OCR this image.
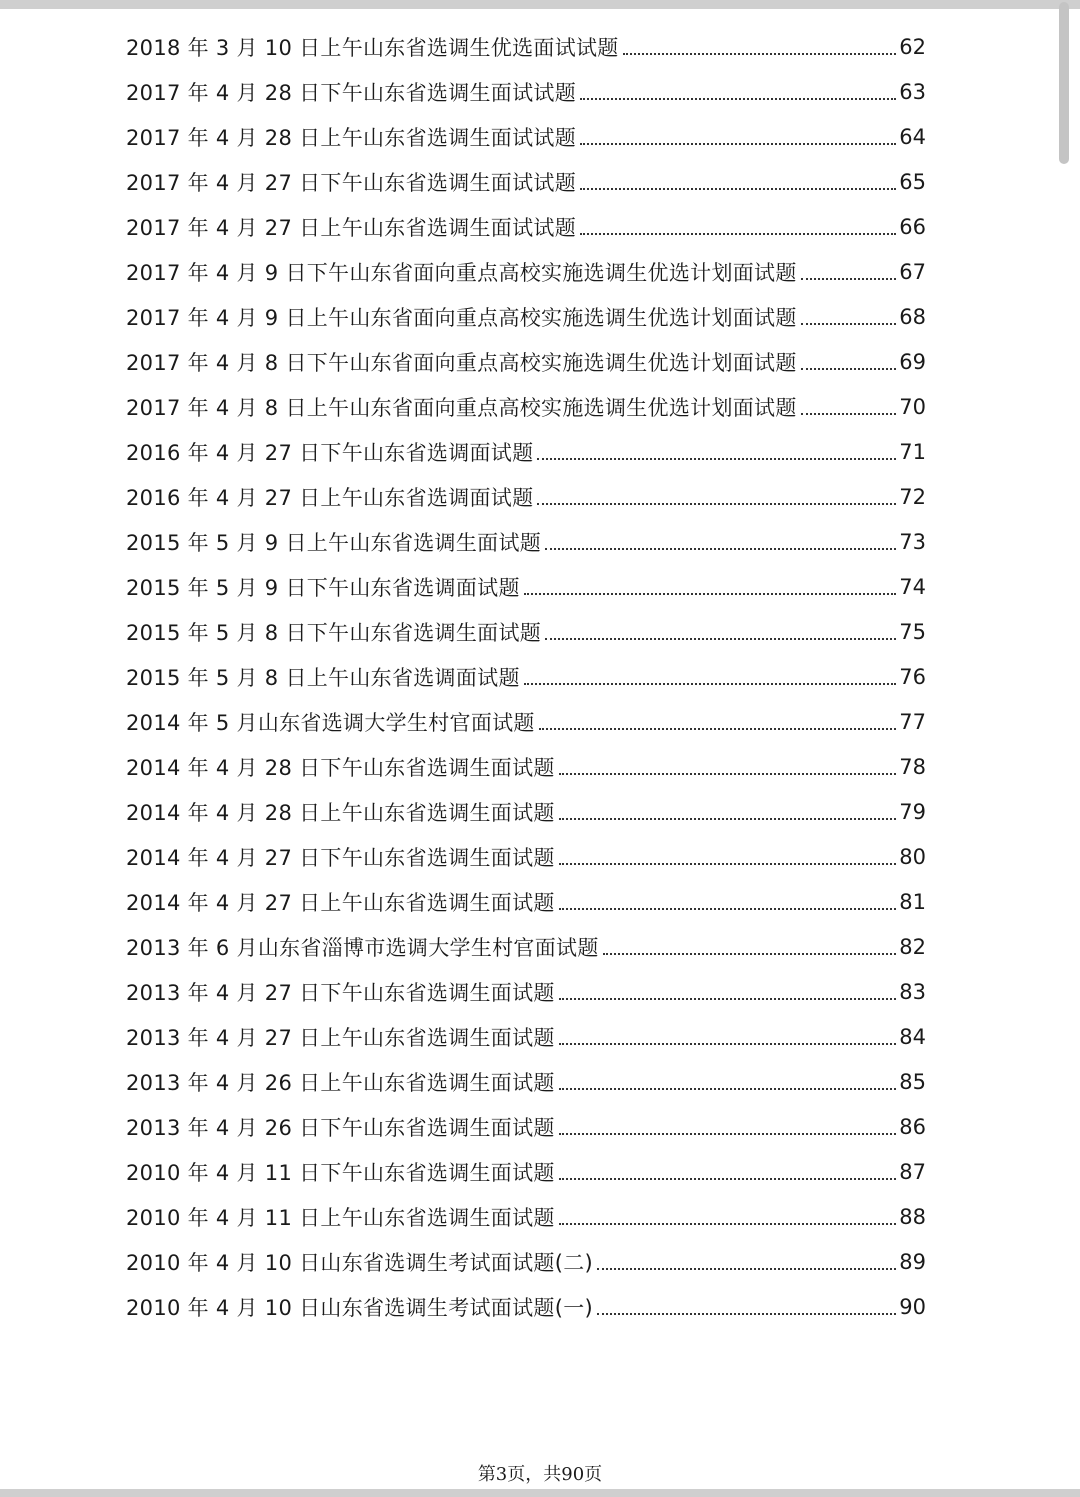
2018 年 3 月 10 日上午山东省选调生优选面试试题	62
2017 年 4 月 28 日下午山东省选调生面试试题	63
2017 年 4 月 28 日上午山东省选调生面试试题	64
2017 年 4 月 27 日下午山东省选调生面试试题	65
2017 年 4 月 27 日上午山东省选调生面试试题	66
2017 年 4 月 9 日下午山东省面向重点高校实施选调生优选计划面试题	67
2017 年 4 月 9 日上午山东省面向重点高校实施选调生优选计划面试题	68
2017 年 4 月 8 日下午山东省面向重点高校实施选调生优选计划面试题	69
2017 年 4 月 8 日上午山东省面向重点高校实施选调生优选计划面试题	70
2016 年 4 月 27 日下午山东省选调面试题	71
2016 年 4 月 27 日上午山东省选调面试题	72
2015 年 5 月 9 日上午山东省选调生面试题	73
2015 年 5 月 9 日下午山东省选调面试题	74
2015 年 5 月 8 日下午山东省选调生面试题	75
2015 年 5 月 8 日上午山东省选调面试题	76
2014 年 5 月山东省选调大学生村官面试题	77
2014 年 4 月 28 日下午山东省选调生面试题	78
2014 年 4 月 28 日上午山东省选调生面试题	79
2014 年 4 月 27 日下午山东省选调生面试题	80
2014 年 4 月 27 日上午山东省选调生面试题	81
2013 年 6 月山东省淄博市选调大学生村官面试题	82
2013 年 4 月 27 日下午山东省选调生面试题	83
2013 年 4 月 27 日上午山东省选调生面试题	84
2013 年 4 月 26 日上午山东省选调生面试题	85
2013 年 4 月 26 日下午山东省选调生面试题	86
2010 年 4 月 11 日下午山东省选调生面试题	87
2010 年 4 月 11 日上午山东省选调生面试题	88
2010 年 4 月 10 日山东省选调生考试面试题(二)	89
2010 年 4 月 10 日山东省选调生考试面试题(一)	90
第3页，共90页
